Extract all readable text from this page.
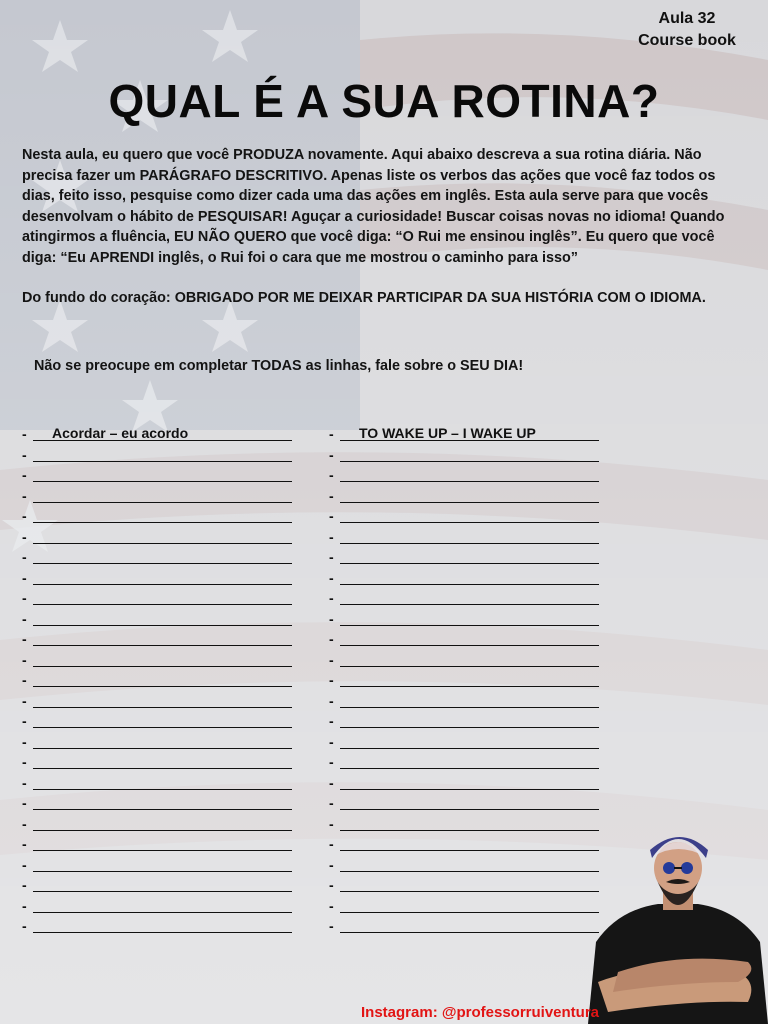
Aula 32
Course book
QUAL É A SUA ROTINA?

Nesta aula, eu quero que você PRODUZA novamente. Aqui abaixo descreva a sua rotina diária. Não precisa fazer um PARÁGRAFO DESCRITIVO. Apenas liste os verbos das ações que você faz todos os dias, feito isso, pesquise como dizer cada uma das ações em inglês. Esta aula serve para que vocês desenvolvam o hábito de PESQUISAR! Aguçar a curiosidade! Buscar coisas novas no idioma! Quando atingirmos a fluência, EU NÃO QUERO que você diga: “O Rui me ensinou inglês”. Eu quero que você diga: “Eu APRENDI inglês, o Rui foi o cara que me mostrou o caminho para isso”

Do fundo do coração: OBRIGADO POR ME DEIXAR PARTICIPAR DA SUA HISTÓRIA COM O IDIOMA.

Não se preocupe em completar TODAS as linhas, fale sobre o SEU DIA!
- Acordar – eu acordo
-
-
-
-
-
-
-
-
-
-
-
-
-
-
-
-
-
-
-
-
-
-
-
-
- TO WAKE UP – I WAKE UP
-
-
-
-
-
-
-
-
-
-
-
-
-
-
-
-
-
-
-
-
-
-
-
-
Instagram: @professorruiventura
